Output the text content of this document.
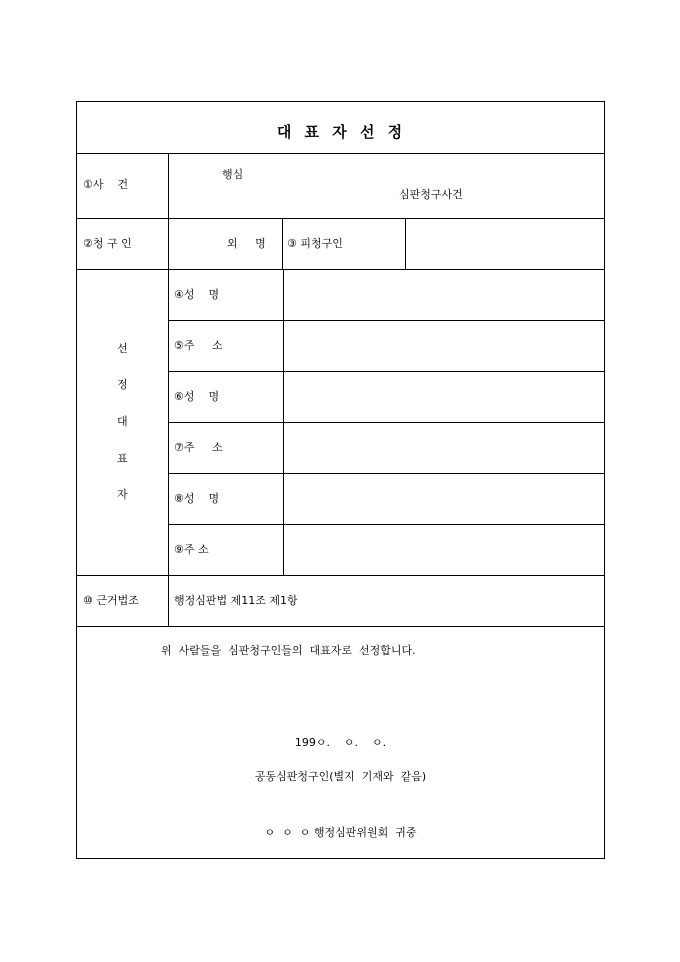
대 표 자 선 정
①사    건
행심
심판청구사건
②청 구 인	외     명 ③ 피청구인
선
정
대
표
자
④성    명
⑤주     소
⑥성    명
⑦주     소
⑧성    명
⑨주 소
⑩ 근거법조	행정심판법 제11조 제1항
위  사람들을  심판청구인들의  대표자로  선정합니다.
199ㅇ.    ㅇ.    ㅇ.
공동심판청구인(별지  기재와  같음)
ㅇ  ㅇ  ㅇ 행정심판위원회  귀중
